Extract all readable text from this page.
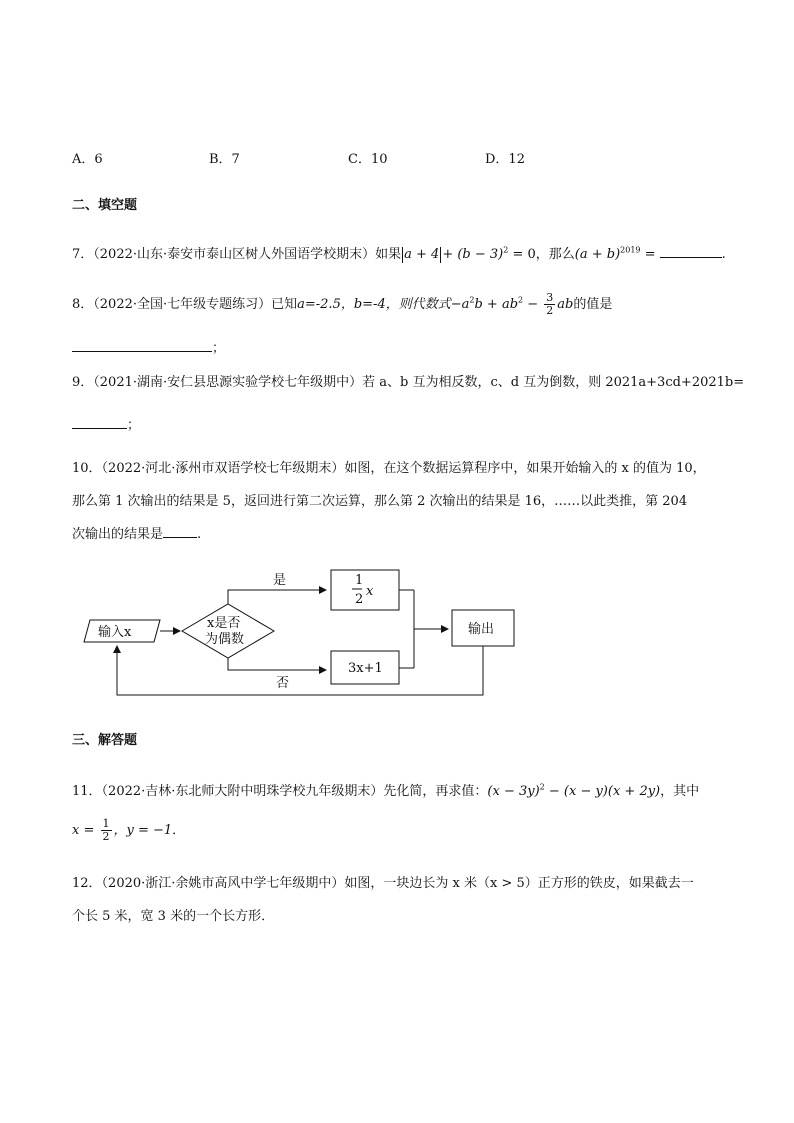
A．6	B．7	C．10	D．12
二、填空题
7．（2022·山东·泰安市泰山区树人外国语学校期末）如果 $a + 4 + (b - 3)^2 = 0$，那么$(a + b)^{2019}$ =	.
8．（2022·全国·七年级专题练习）已知a=-2.5，b=-4，则代数式$-a^2b + ab^2 - \frac{3}{2}$ ab的值是
；
9．（2021·湖南·安仁县思源实验学校七年级期中）若 a、b 互为相反数，c、d 互为倒数，则 2021a+3cd+2021b=
；
10．（2022·河北·涿州市双语学校七年级期末）如图，在这个数据运算程序中，如果开始输入的 x 的值为 10，
那么第 1 次输出的结果是 5，返回进行第二次运算，那么第 2 次输出的结果是 16，……以此类推，第 204
次输出的结果是	.
输入x
x是否
为偶数
是	1
2
x
否
3x+1
输出
三、解答题
11．（2022·吉林·东北师大附中明珠学校九年级期末）先化简，再求值：$(x - 3y)^2 - (x - y)(x + 2y)$，其中
$x = \frac{1}{2}$ ，y = −1．
12．（2020·浙江·余姚市高风中学七年级期中）如图，一块边长为 x 米（x > 5）正方形的铁皮，如果截去一
个长 5 米，宽 3 米的一个长方形．
